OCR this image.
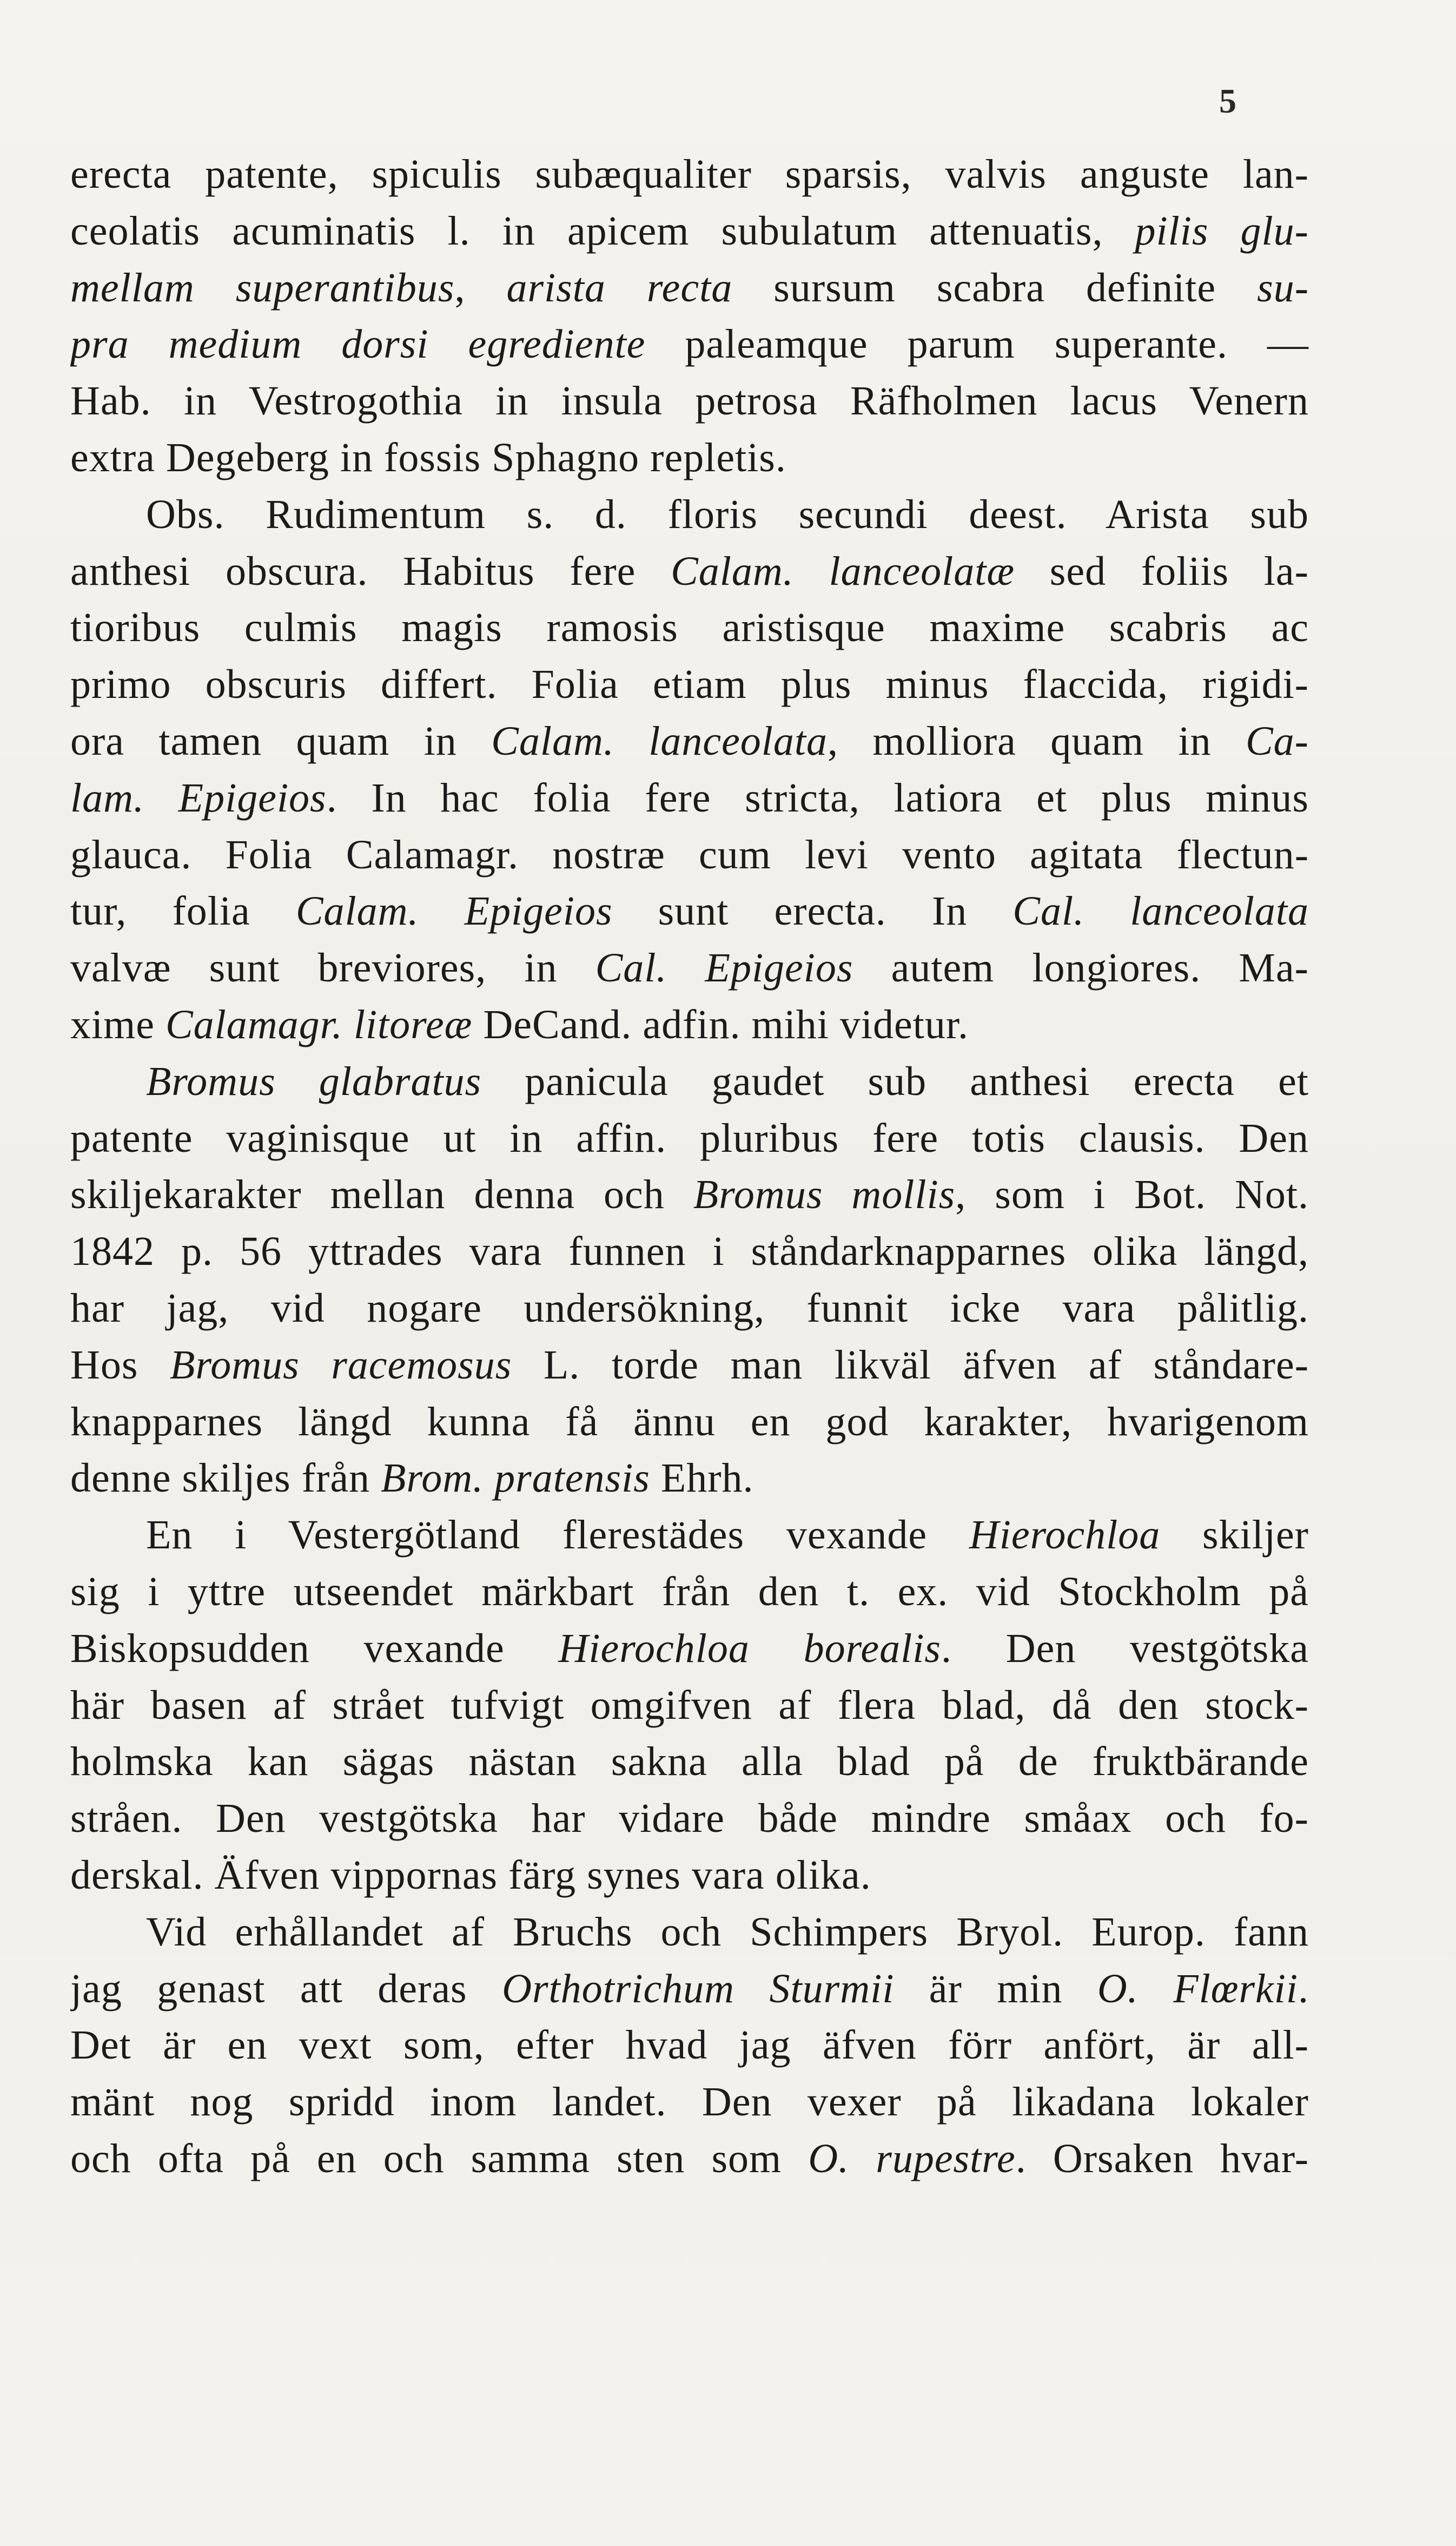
5
erecta patente, spiculis subæqualiter sparsis, valvis anguste lan-
ceolatis acuminatis l. in apicem subulatum attenuatis, pilis glu-
mellam superantibus, arista recta sursum scabra definite su-
pra medium dorsi egrediente paleamque parum superante. —
Hab. in Vestrogothia in insula petrosa Räfholmen lacus Venern
extra Degeberg in fossis Sphagno repletis.
Obs. Rudimentum s. d. floris secundi deest. Arista sub
anthesi obscura. Habitus fere Calam. lanceolatæ sed foliis la-
tioribus culmis magis ramosis aristisque maxime scabris ac
primo obscuris differt. Folia etiam plus minus flaccida, rigidi-
ora tamen quam in Calam. lanceolata, molliora quam in Ca-
lam. Epigeios. In hac folia fere stricta, latiora et plus minus
glauca. Folia Calamagr. nostræ cum levi vento agitata flectun-
tur, folia Calam. Epigeios sunt erecta. In Cal. lanceolata
valvæ sunt breviores, in Cal. Epigeios autem longiores. Ma-
xime Calamagr. litoreæ DeCand. adfin. mihi videtur.
Bromus glabratus panicula gaudet sub anthesi erecta et
patente vaginisque ut in affin. pluribus fere totis clausis. Den
skiljekarakter mellan denna och Bromus mollis, som i Bot. Not.
1842 p. 56 yttrades vara funnen i ståndarknapparnes olika längd,
har jag, vid nogare undersökning, funnit icke vara pålitlig.
Hos Bromus racemosus L. torde man likväl äfven af ståndare-
knapparnes längd kunna få ännu en god karakter, hvarigenom
denne skiljes från Brom. pratensis Ehrh.
En i Vestergötland flerestädes vexande Hierochloa skiljer
sig i yttre utseendet märkbart från den t. ex. vid Stockholm på
Biskopsudden vexande Hierochloa borealis. Den vestgötska
här basen af strået tufvigt omgifven af flera blad, då den stock-
holmska kan sägas nästan sakna alla blad på de fruktbärande
stråen. Den vestgötska har vidare både mindre småax och fo-
derskal. Äfven vippornas färg synes vara olika.
Vid erhållandet af Bruchs och Schimpers Bryol. Europ. fann
jag genast att deras Orthotrichum Sturmii är min O. Flœrkii.
Det är en vext som, efter hvad jag äfven förr anfört, är all-
mänt nog spridd inom landet. Den vexer på likadana lokaler
och ofta på en och samma sten som O. rupestre. Orsaken hvar-
